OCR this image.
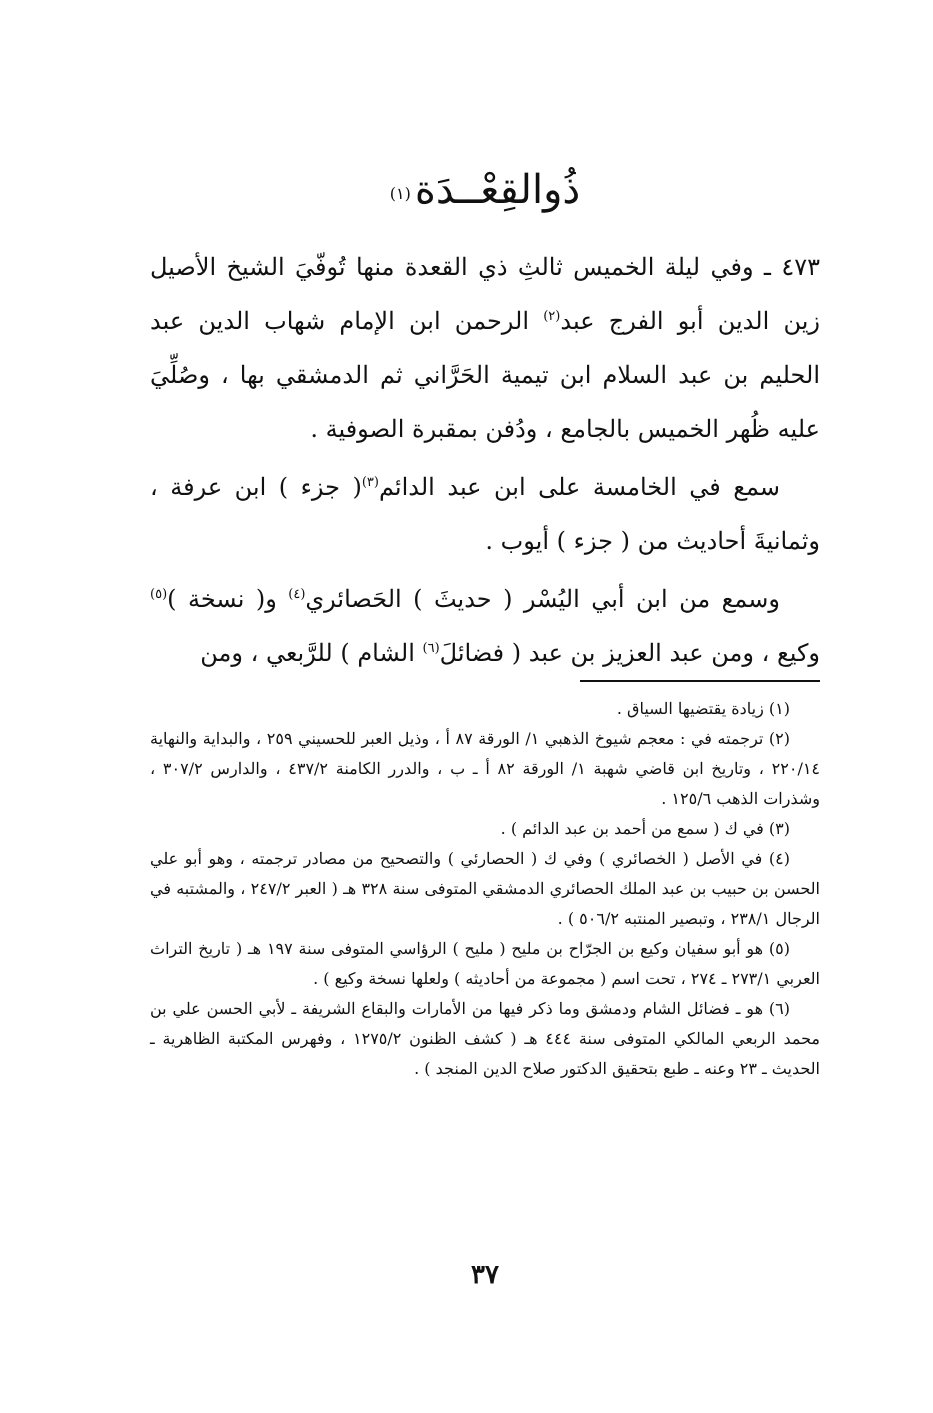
ذُوالقِعْــدَة$^{(١)}$

٤٧٣ ـ وفي ليلة الخميس ثالثِ ذي القعدة منها تُوفّيَ الشيخ الأصيل زين الدين أبو الفرج عبد$^{(٢)}$ الرحمن ابن الإمام شهاب الدين عبد الحليم بن عبد السلام ابن تيمية الحَرَّاني ثم الدمشقي بها ، وصُلِّيَ عليه ظُهر الخميس بالجامع ، ودُفن بمقبرة الصوفية .

سمع في الخامسة على ابن عبد الدائم$^{(٣)}$( جزء ) ابن عرفة ، وثمانيةَ أحاديث من ( جزء ) أيوب .

وسمع من ابن أبي اليُسْر ( حديثَ ) الحَصائري$^{(٤)}$ و( نسخة )$^{(٥)}$ وكيع ، ومن عبد العزيز بن عبد ( فضائلَ$^{(٦)}$ الشام ) للرَّبعي ، ومن

(١) زيادة يقتضيها السياق .

(٢) ترجمته في : معجم شيوخ الذهبي ١/ الورقة ٨٧ أ ، وذيل العبر للحسيني ٢٥٩ ، والبداية والنهاية ٢٢٠/١٤ ، وتاريخ ابن قاضي شهبة ١/ الورقة ٨٢ أ ـ ب ، والدرر الكامنة ٤٣٧/٢ ، والدارس ٣٠٧/٢ ، وشذرات الذهب ١٢٥/٦ .

(٣) في ك ( سمع من أحمد بن عبد الدائم ) .

(٤) في الأصل ( الخصائري ) وفي ك ( الحصارئي ) والتصحيح من مصادر ترجمته ، وهو أبو علي الحسن بن حبيب بن عبد الملك الحصائري الدمشقي المتوفى سنة ٣٢٨ هـ ( العبر ٢٤٧/٢ ، والمشتبه في الرجال ٢٣٨/١ ، وتبصير المنتبه ٥٠٦/٢ ) .

(٥) هو أبو سفيان وكيع بن الجرّاح بن مليح ( مليح ) الرؤاسي المتوفى سنة ١٩٧ هـ ( تاريخ التراث العربي ٢٧٣/١ ـ ٢٧٤ ، تحت اسم ( مجموعة من أحاديثه ) ولعلها نسخة وكيع ) .

(٦) هو ـ فضائل الشام ودمشق وما ذكر فيها من الأمارات والبقاع الشريفة ـ لأبي الحسن علي بن محمد الربعي المالكي المتوفى سنة ٤٤٤ هـ ( كشف الظنون ١٢٧٥/٢ ، وفهرس المكتبة الظاهرية ـ الحديث ـ ٢٣ وعنه ـ طبع بتحقيق الدكتور صلاح الدين المنجد ) .

٣٧
